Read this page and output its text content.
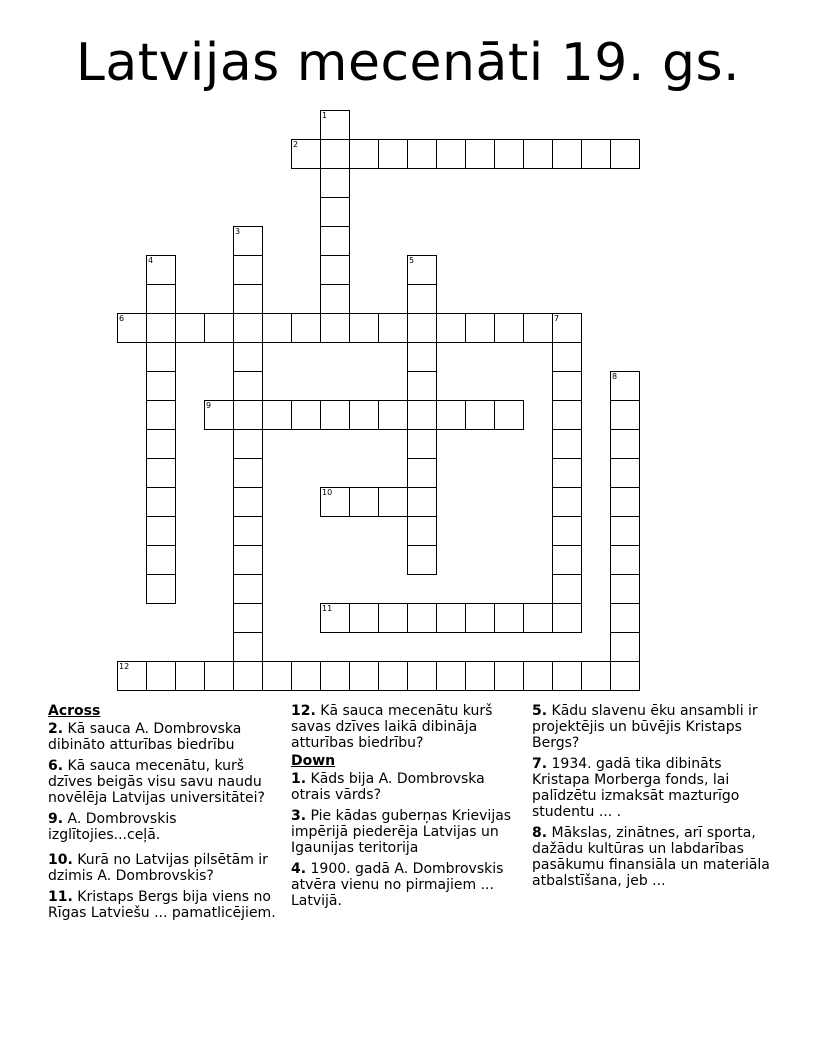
Latvijas mecenāti 19. gs.
1
2
3
4	5
6	7
8
9
10
11
12
Across
2. Kā sauca A. Dombrovska dibināto atturības biedrību
6. Kā sauca mecenātu, kurš dzīves beigās visu savu naudu novēlēja Latvijas universitātei?
9. A. Dombrovskis izglītojies...ceļā.
10. Kurā no Latvijas pilsētām ir dzimis A. Dombrovskis?
11. Kristaps Bergs bija viens no Rīgas Latviešu ... pamatlicējiem.
12. Kā sauca mecenātu kurš savas dzīves laikā dibināja atturības biedrību?
Down
1. Kāds bija A. Dombrovska otrais vārds?
3. Pie kādas guberņas Krievijas impērijā piederēja Latvijas un Igaunijas teritorija
4. 1900. gadā A. Dombrovskis atvēra vienu no pirmajiem ... Latvijā.
5. Kādu slavenu ēku ansambli ir projektējis un būvējis Kristaps Bergs?
7. 1934. gadā tika dibināts Kristapa Morberga fonds, lai palīdzētu izmaksāt mazturīgo studentu ... .
8. Mākslas, zinātnes, arī sporta, dažādu kultūras un labdarības pasākumu finansiāla un materiāla atbalstīšana, jeb ...
